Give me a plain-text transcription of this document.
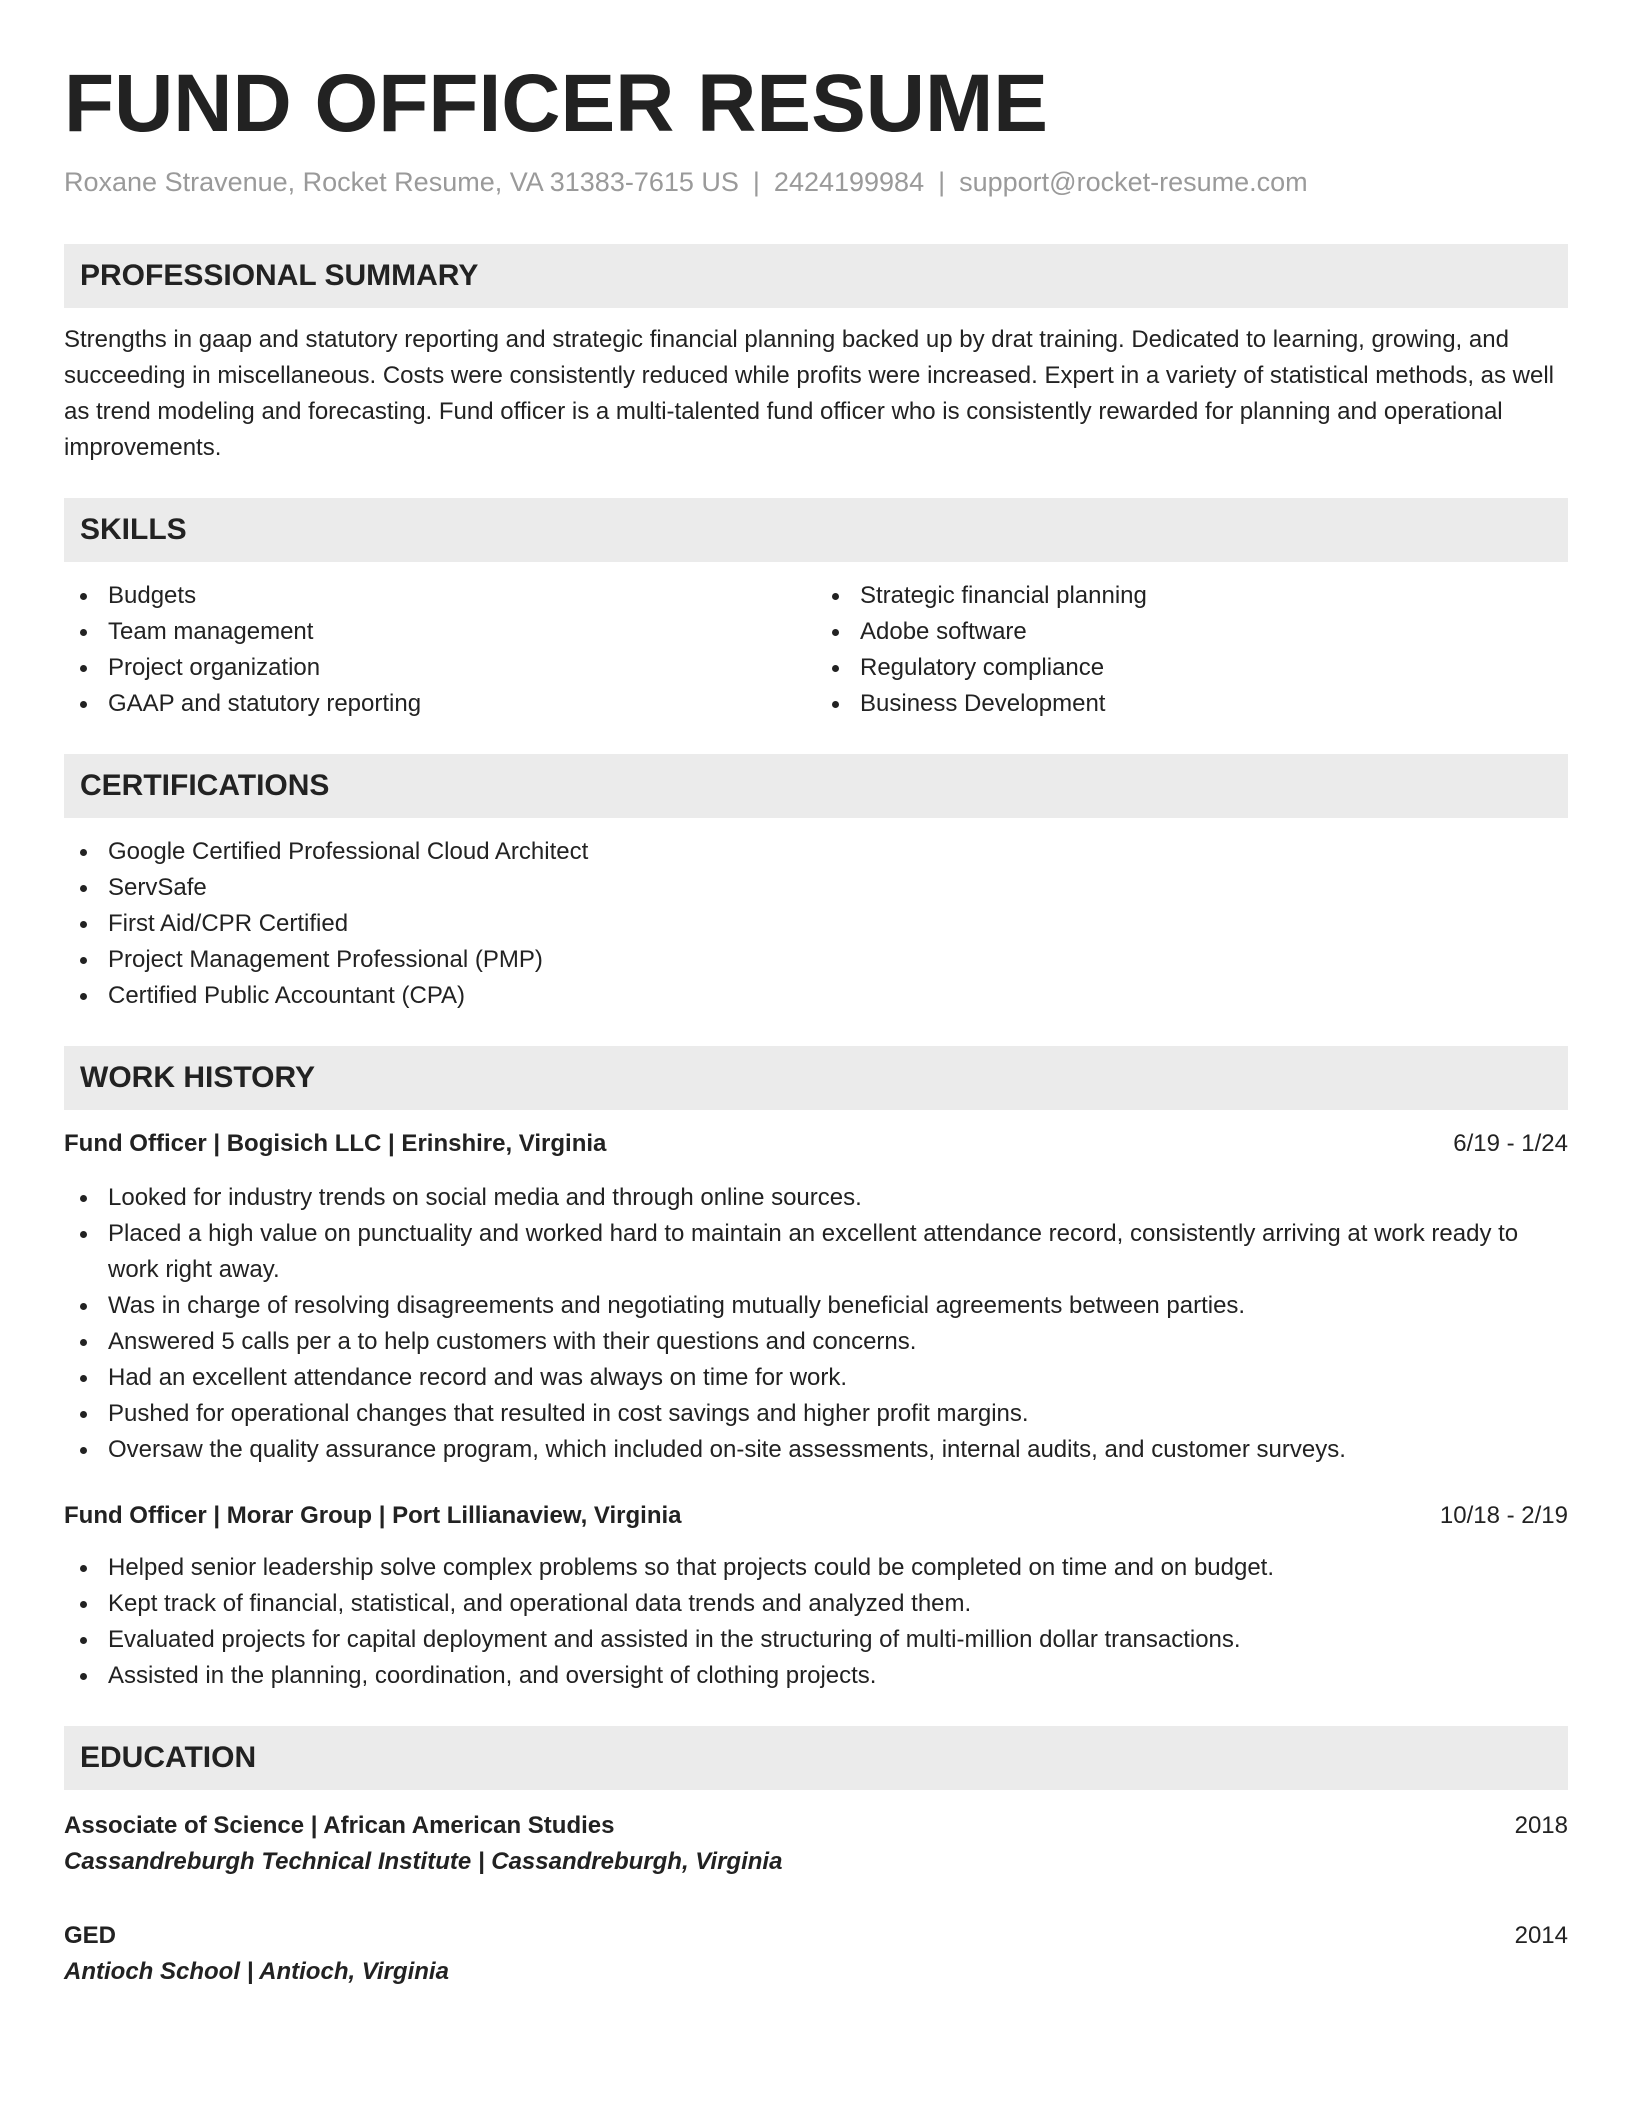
FUND OFFICER RESUME
Roxane Stravenue, Rocket Resume, VA 31383-7615 US | 2424199984 | support@rocket-resume.com
PROFESSIONAL SUMMARY

Strengths in gaap and statutory reporting and strategic financial planning backed up by drat training. Dedicated to learning, growing, and succeeding in miscellaneous. Costs were consistently reduced while profits were increased. Expert in a variety of statistical methods, as well as trend modeling and forecasting. Fund officer is a multi-talented fund officer who is consistently rewarded for planning and operational improvements.

SKILLS
Budgets
Team management
Project organization
GAAP and statutory reporting
Strategic financial planning
Adobe software
Regulatory compliance
Business Development
CERTIFICATIONS
Google Certified Professional Cloud Architect
ServSafe
First Aid/CPR Certified
Project Management Professional (PMP)
Certified Public Accountant (CPA)
WORK HISTORY
Fund Officer | Bogisich LLC | Erinshire, Virginia	6/19 - 1/24
Looked for industry trends on social media and through online sources.
Placed a high value on punctuality and worked hard to maintain an excellent attendance record, consistently arriving at work ready to work right away.
Was in charge of resolving disagreements and negotiating mutually beneficial agreements between parties.
Answered 5 calls per a to help customers with their questions and concerns.
Had an excellent attendance record and was always on time for work.
Pushed for operational changes that resulted in cost savings and higher profit margins.
Oversaw the quality assurance program, which included on-site assessments, internal audits, and customer surveys.
Fund Officer | Morar Group | Port Lillianaview, Virginia	10/18 - 2/19
Helped senior leadership solve complex problems so that projects could be completed on time and on budget.
Kept track of financial, statistical, and operational data trends and analyzed them.
Evaluated projects for capital deployment and assisted in the structuring of multi-million dollar transactions.
Assisted in the planning, coordination, and oversight of clothing projects.
EDUCATION
Associate of Science | African American Studies	2018
Cassandreburgh Technical Institute | Cassandreburgh, Virginia
GED	2014
Antioch School | Antioch, Virginia
